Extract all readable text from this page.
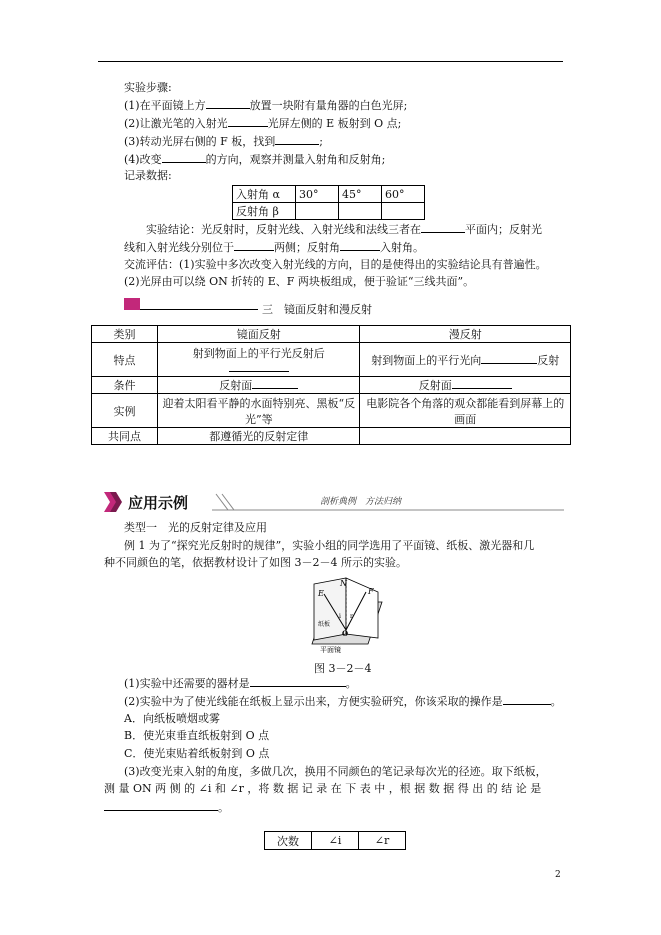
实验步骤:
(1)在平面镜上方	放置一块附有量角器的白色光屏;
(2)让激光笔的入射光	光屏左侧的 E 板射到 O 点;
(3)转动光屏右侧的 F 板，找到	;
(4)改变	的方向，观察并测量入射角和反射角;
记录数据:
入射角 α	30°	45°	60°
反射角 β			
实验结论：光反射时，反射光线、入射光线和法线三者在	平面内；反射光
线和入射光线分别位于	两侧；反射角	入射角。
交流评估：(1)实验中多次改变入射光线的方向，目的是使得出的实验结论具有普遍性。
(2)光屏由可以绕 ON 折转的 E、F 两块板组成，便于验证“三线共面”。
三　镜面反射和漫反射
类别	镜面反射	漫反射
特点	射到物面上的平行光反射后	射到物面上的平行光向 反射

条件	反射面	反射面
实例	迎着太阳看平静的水面特别亮、黑板“反光”等	电影院各个角落的观众都能看到屏幕上的画面
共同点	都遵循光的反射定律	
应用示例	剖析典例　方法归纳
类型一　光的反射定律及应用
例 1 为了“探究光反射时的规律”，实验小组的同学选用了平面镜、纸板、激光器和几
种不同颜色的笔，依据教材设计了如图 3－2－4 所示的实验。
E
N
F
i r
纸板
O
平面镜
图 3－2－4
(1)实验中还需要的器材是	。
(2)实验中为了使光线能在纸板上显示出来，方便实验研究，你该采取的操作是	。
A．向纸板喷烟或雾
B．使光束垂直纸板射到 O 点
C．使光束贴着纸板射到 O 点
(3)改变光束入射的角度，多做几次，换用不同颜色的笔记录每次光的径迹。取下纸板，
测 量 ON 两 侧 的 ∠i 和 ∠r ，将 数 据 记 录 在 下 表 中 ，根 据 数 据 得 出 的 结 论 是
。
次数	∠i	∠r
2
